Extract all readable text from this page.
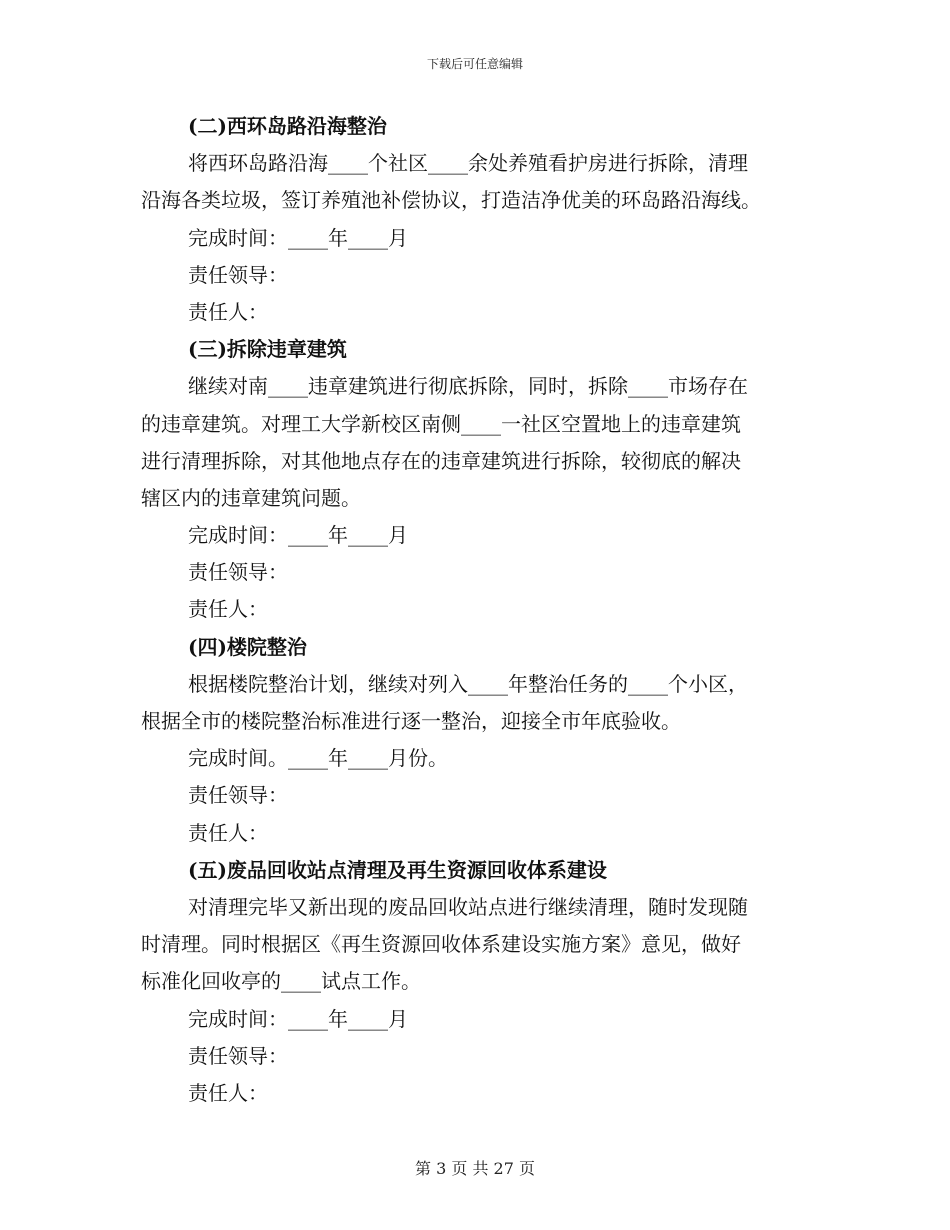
下载后可任意编辑
(二)西环岛路沿海整治
将西环岛路沿海____个社区____余处养殖看护房进行拆除，清理
沿海各类垃圾，签订养殖池补偿协议，打造洁净优美的环岛路沿海线。
完成时间：____年____月
责任领导：
责任人：
(三)拆除违章建筑
继续对南____违章建筑进行彻底拆除，同时，拆除____市场存在
的违章建筑。对理工大学新校区南侧____一社区空置地上的违章建筑
进行清理拆除，对其他地点存在的违章建筑进行拆除，较彻底的解决
辖区内的违章建筑问题。
完成时间：____年____月
责任领导：
责任人：
(四)楼院整治
根据楼院整治计划，继续对列入____年整治任务的____个小区，
根据全市的楼院整治标准进行逐一整治，迎接全市年底验收。
完成时间。____年____月份。
责任领导：
责任人：
(五)废品回收站点清理及再生资源回收体系建设
对清理完毕又新出现的废品回收站点进行继续清理，随时发现随
时清理。同时根据区《再生资源回收体系建设实施方案》意见，做好
标准化回收亭的____试点工作。
完成时间：____年____月
责任领导：
责任人：
第 3 页 共 27 页
